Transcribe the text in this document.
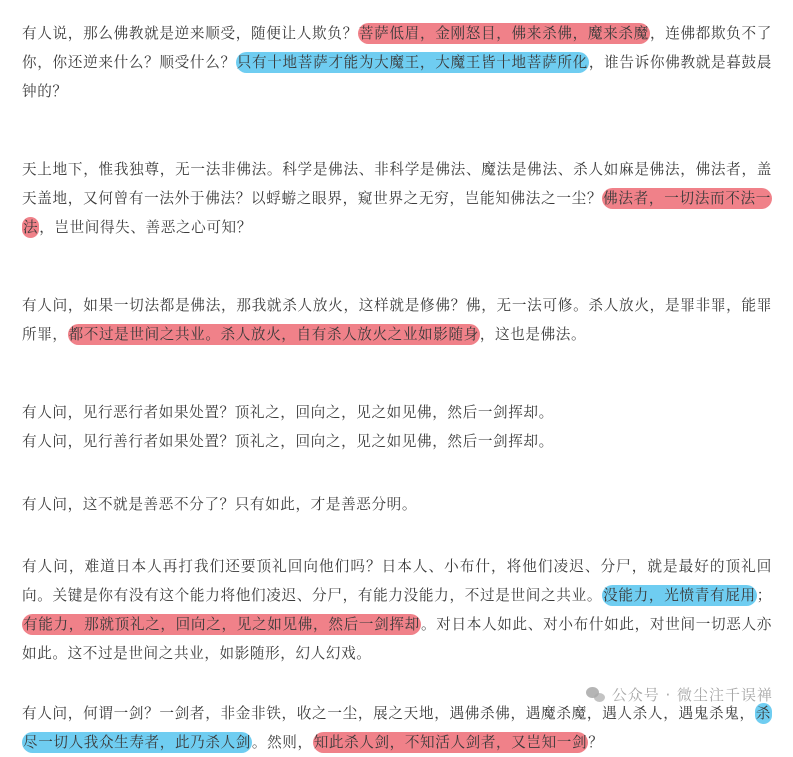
有人说，那么佛教就是逆来顺受，随便让人欺负？菩萨低眉，金刚怒目，佛来杀佛，魔来杀魔，连佛都欺负不了你，你还逆来什么？顺受什么？只有十地菩萨才能为大魔王，大魔王皆十地菩萨所化，谁告诉你佛教就是暮鼓晨钟的？

天上地下，惟我独尊，无一法非佛法。科学是佛法、非科学是佛法、魔法是佛法、杀人如麻是佛法，佛法者，盖天盖地，又何曾有一法外于佛法？以蜉蝣之眼界，窥世界之无穷，岂能知佛法之一尘？佛法者，一切法而不法一法，岂世间得失、善恶之心可知？

有人问，如果一切法都是佛法，那我就杀人放火，这样就是修佛？佛，无一法可修。杀人放火，是罪非罪，能罪所罪，都不过是世间之共业。杀人放火，自有杀人放火之业如影随身，这也是佛法。

有人问，见行恶行者如果处置？顶礼之，回向之，见之如见佛，然后一剑挥却。

有人问，见行善行者如果处置？顶礼之，回向之，见之如见佛，然后一剑挥却。

有人问，这不就是善恶不分了？只有如此，才是善恶分明。

有人问，难道日本人再打我们还要顶礼回向他们吗？日本人、小布什，将他们凌迟、分尸，就是最好的顶礼回向。关键是你有没有这个能力将他们凌迟、分尸，有能力没能力，不过是世间之共业。没能力，光愤青有屁用；有能力，那就顶礼之，回向之，见之如见佛，然后一剑挥却。对日本人如此、对小布什如此，对世间一切恶人亦如此。这不过是世间之共业，如影随形，幻人幻戏。

有人问，何谓一剑？一剑者，非金非铁，收之一尘，展之天地，遇佛杀佛，遇魔杀魔，遇人杀人，遇鬼杀鬼，杀尽一切人我众生寿者，此乃杀人剑。然则，知此杀人剑，不知活人剑者，又岂知一剑？

公众号 · 微尘注千误禅
